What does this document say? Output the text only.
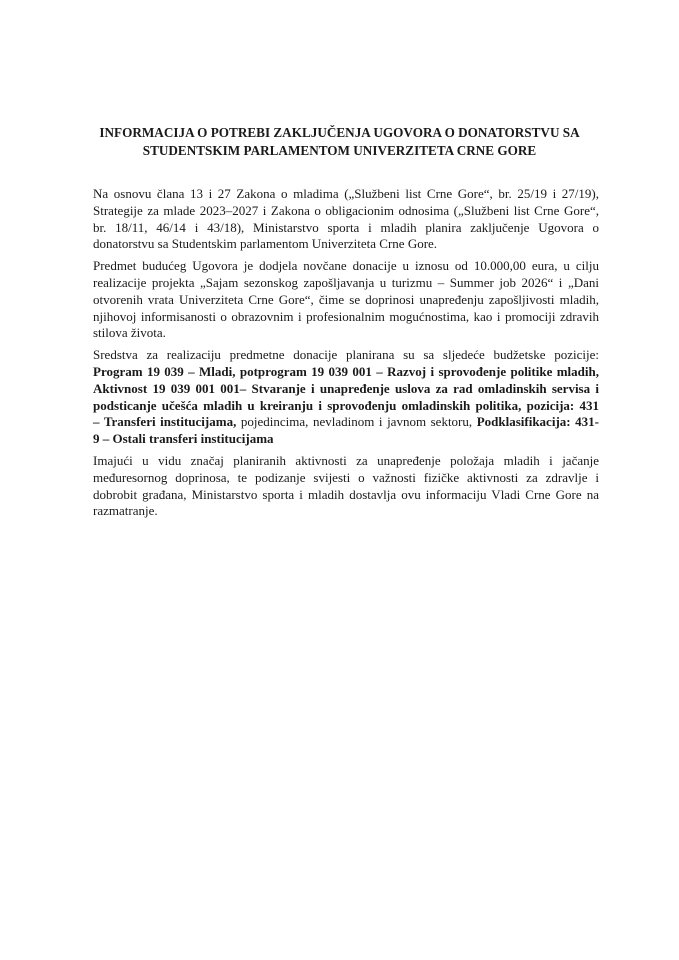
INFORMACIJA O POTREBI ZAKLJUČENJA UGOVORA O DONATORSTVU SA
STUDENTSKIM PARLAMENTOM UNIVERZITETA CRNE GORE
Na osnovu člana 13 i 27 Zakona o mladima („Službeni list Crne Gore“, br. 25/19 i 27/19),
Strategije za mlade 2023–2027 i Zakona o obligacionim odnosima („Službeni list Crne Gore“,
br. 18/11, 46/14 i 43/18), Ministarstvo sporta i mladih planira zaključenje Ugovora o
donatorstvu sa Studentskim parlamentom Univerziteta Crne Gore.
Predmet budućeg Ugovora je dodjela novčane donacije u iznosu od 10.000,00 eura, u cilju
realizacije projekta „Sajam sezonskog zapošljavanja u turizmu – Summer job 2026“ i „Dani
otvorenih vrata Univerziteta Crne Gore“, čime se doprinosi unapređenju zapošljivosti mladih,
njihovoj informisanosti o obrazovnim i profesionalnim mogućnostima, kao i promociji zdravih
stilova života.
Sredstva za realizaciju predmetne donacije planirana su sa sljedeće budžetske pozicije:
Program 19 039 – Mladi, potprogram 19 039 001 – Razvoj i sprovođenje politike mladih,
Aktivnost 19 039 001 001– Stvaranje i unapređenje uslova za rad omladinskih servisa i
podsticanje učešća mladih u kreiranju i sprovođenju omladinskih politika, pozicija: 431
– Transferi institucijama, pojedincima, nevladinom i javnom sektoru, Podklasifikacija: 431-
9 – Ostali transferi institucijama
Imajući u vidu značaj planiranih aktivnosti za unapređenje položaja mladih i jačanje
međuresornog doprinosa, te podizanje svijesti o važnosti fizičke aktivnosti za zdravlje i
dobrobit građana, Ministarstvo sporta i mladih dostavlja ovu informaciju Vladi Crne Gore na
razmatranje.
